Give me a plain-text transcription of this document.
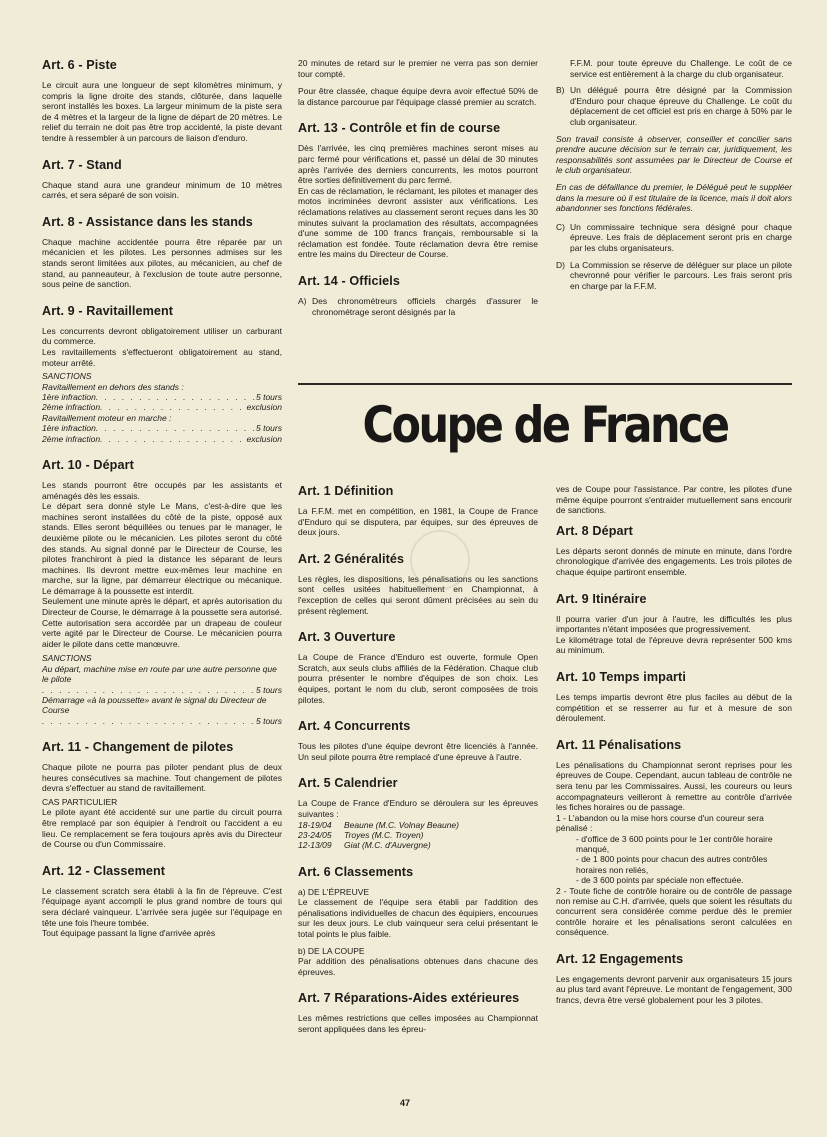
Art. 6 - Piste

Le circuit aura une longueur de sept kilomètres minimum, y compris la ligne droite des stands, clôturée, dans laquelle seront installés les boxes. La largeur minimum de la piste sera de 4 mètres et la largeur de la ligne de départ de 20 mètres. Le relief du terrain ne doit pas être trop accidenté, la piste devant tendre à ressembler à un parcours de liaison d'enduro.

Art. 7 - Stand

Chaque stand aura une grandeur minimum de 10 mètres carrés, et sera séparé de son voisin.

Art. 8 - Assistance dans les stands

Chaque machine accidentée pourra être réparée par un mécanicien et les pilotes. Les personnes admises sur les stands seront limitées aux pilotes, au mécanicien, au chef de stand, au panneauteur, à l'exclusion de toute autre personne, sous peine de sanction.

Art. 9 - Ravitaillement

Les concurrents devront obligatoirement utiliser un carburant du commerce.

Les ravitaillements s'effectueront obligatoirement au stand, moteur arrêté.

SANCTIONS
Ravitaillement en dehors des stands :
1ère infraction . . .	5 tours
2ème infraction . . .	exclusion
Ravitaillement moteur en marche :
1ère infraction . . .	5 tours
2ème infraction . . .	exclusion
Art. 10 - Départ

Les stands pourront être occupés par les assistants et aménagés dès les essais.

Le départ sera donné style Le Mans, c'est-à-dire que les machines seront installées du côté de la piste, opposé aux stands. Elles seront béquillées ou tenues par le manager, le deuxième pilote ou le mécanicien. Les pilotes seront du côté des stands. Au signal donné par le Directeur de Course, les pilotes franchiront à pied la distance les séparant de leurs machines. Ils devront mettre eux-mêmes leur machine en marche, sur la ligne, par démarreur électrique ou mécanique. Le démarrage à la poussette est interdit.

Seulement une minute après le départ, et après autorisation du Directeur de Course, le démarrage à la poussette sera autorisé. Cette autorisation sera accordée par un drapeau de couleur verte agité par le Directeur de Course. Le mécanicien pourra aider le pilote dans cette manœuvre.

SANCTIONS
Au départ, machine mise en route par une autre personne que le pilote
. . .
5 tours
Démarrage «à la poussette» avant le signal du Directeur de Course
. . .
5 tours
Art. 11 - Changement de pilotes

Chaque pilote ne pourra pas piloter pendant plus de deux heures consécutives sa machine. Tout changement de pilotes devra s'effectuer au stand de ravitaillement.

CAS PARTICULIER

Le pilote ayant été accidenté sur une partie du circuit pourra être remplacé par son équipier à l'endroit ou l'accident a eu lieu. Ce remplacement se fera toujours après avis du Directeur de Course ou d'un Commissaire.

Art. 12 - Classement

Le classement scratch sera établi à la fin de l'épreuve. C'est l'équipage ayant accompli le plus grand nombre de tours qui sera déclaré vainqueur. L'arrivée sera jugée sur l'équipage en tête une fois l'heure tombée.

Tout équipage passant la ligne d'arrivée après

20 minutes de retard sur le premier ne verra pas son dernier tour compté.

Pour être classée, chaque équipe devra avoir effectué 50% de la distance parcourue par l'équipage classé premier au scratch.

Art. 13 - Contrôle et fin de course

Dès l'arrivée, les cinq premières machines seront mises au parc fermé pour vérifications et, passé un délai de 30 minutes après l'arrivée des derniers concurrents, les motos pourront être sorties définitivement du parc fermé.

En cas de réclamation, le réclamant, les pilotes et manager des motos incriminées devront assister aux vérifications. Les réclamations relatives au classement seront reçues dans les 30 minutes suivant la proclamation des résultats, accompagnées d'une somme de 100 francs français, remboursable si la réclamation est fondée. Toute réclamation devra être remise entre les mains du Directeur de Course.

Art. 14 - Officiels
A) Des chronométreurs officiels chargés d'assurer le chronométrage seront désignés par la

F.F.M. pour toute épreuve du Challenge. Le coût de ce service est entièrement à la charge du club organisateur.

B) Un délégué pourra être désigné par la Commission d'Enduro pour chaque épreuve du Challenge. Le coût du déplacement de cet officiel est pris en charge à 50% par le club organisateur.

Son travail consiste à observer, conseiller et concilier sans prendre aucune décision sur le terrain car, juridiquement, les responsabilités sont assumées par le Directeur de Course et le club organisateur.

En cas de défaillance du premier, le Délégué peut le suppléer dans la mesure où il est titulaire de la licence, mais il doit alors abandonner ses fonctions fédérales.

C) Un commissaire technique sera désigné pour chaque épreuve. Les frais de déplacement seront pris en charge par les clubs organisateurs.
D) La Commission se réserve de déléguer sur place un pilote chevronné pour vérifier le parcours. Les frais seront pris en charge par la F.F.M.
Coupe de France
Art. 1 Définition

La F.F.M. met en compétition, en 1981, la Coupe de France d'Enduro qui se disputera, par équipes, sur des épreuves de deux jours.

Art. 2 Généralités

Les règles, les dispositions, les pénalisations ou les sanctions sont celles usitées habituellement en Championnat, à l'exception de celles qui seront dûment précisées au sein du présent règlement.

Art. 3 Ouverture

La Coupe de France d'Enduro est ouverte, formule Open Scratch, aux seuls clubs affiliés de la Fédération. Chaque club pourra présenter le nombre d'équipes de son choix. Les équipes, portant le nom du club, seront composées de trois pilotes.

Art. 4 Concurrents

Tous les pilotes d'une équipe devront être licenciés à l'année. Un seul pilote pourra être remplacé d'une épreuve à l'autre.

Art. 5 Calendrier

La Coupe de France d'Enduro se déroulera sur les épreuves suivantes :

18-19/04	Beaune (M.C. Volnay Beaune)
23-24/05	Troyes (M.C. Troyen)
12-13/09	Giat (M.C. d'Auvergne)
Art. 6 Classements
a) DE L'ÉPREUVE

Le classement de l'équipe sera établi par l'addition des pénalisations individuelles de chacun des équipiers, encourues sur les deux jours. Le club vainqueur sera celui présentant le total points le plus faible.

b) DE LA COUPE

Par addition des pénalisations obtenues dans chacune des épreuves.

Art. 7 Réparations-Aides extérieures

Les mêmes restrictions que celles imposées au Championnat seront appliquées dans les épreu-

ves de Coupe pour l'assistance. Par contre, les pilotes d'une même équipe pourront s'entraider mutuellement sans encourir de sanctions.

Art. 8 Départ

Les départs seront donnés de minute en minute, dans l'ordre chronologique d'arrivée des engagements. Les trois pilotes de chaque équipe partiront ensemble.

Art. 9 Itinéraire

Il pourra varier d'un jour à l'autre, les difficultés les plus importantes n'étant imposées que progressivement.

Le kilométrage total de l'épreuve devra représenter 500 kms au minimum.

Art. 10 Temps imparti

Les temps impartis devront être plus faciles au début de la compétition et se resserrer au fur et à mesure de son déroulement.

Art. 11 Pénalisations

Les pénalisations du Championnat seront reprises pour les épreuves de Coupe. Cependant, aucun tableau de contrôle ne sera tenu par les Commissaires. Aussi, les coureurs ou leurs accompagnateurs veilleront à remettre au contrôle d'arrivée les fiches horaires ou de passage.

1 - L'abandon ou la mise hors course d'un coureur sera pénalisé :
- d'office de 3 600 points pour le 1er contrôle horaire manqué,
- de 1 800 points pour chacun des autres contrôles horaires non reliés,
- de 3 600 points par spéciale non effectuée.
2 - Toute fiche de contrôle horaire ou de contrôle de passage non remise au C.H. d'arrivée, quels que soient les résultats du concurrent sera considérée comme perdue dès le premier contrôle horaire et les pénalisations seront calculées en conséquence.
Art. 12 Engagements

Les engagements devront parvenir aux organisateurs 15 jours au plus tard avant l'épreuve. Le montant de l'engagement, 300 francs, devra être versé globalement pour les 3 pilotes.

47
